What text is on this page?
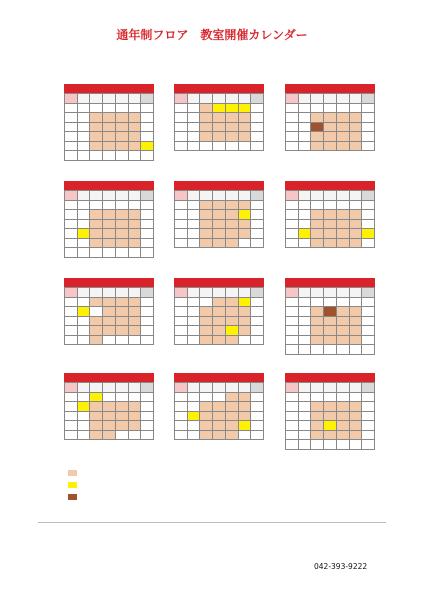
通年制フロア　教室開催カレンダー
042-393-9222
